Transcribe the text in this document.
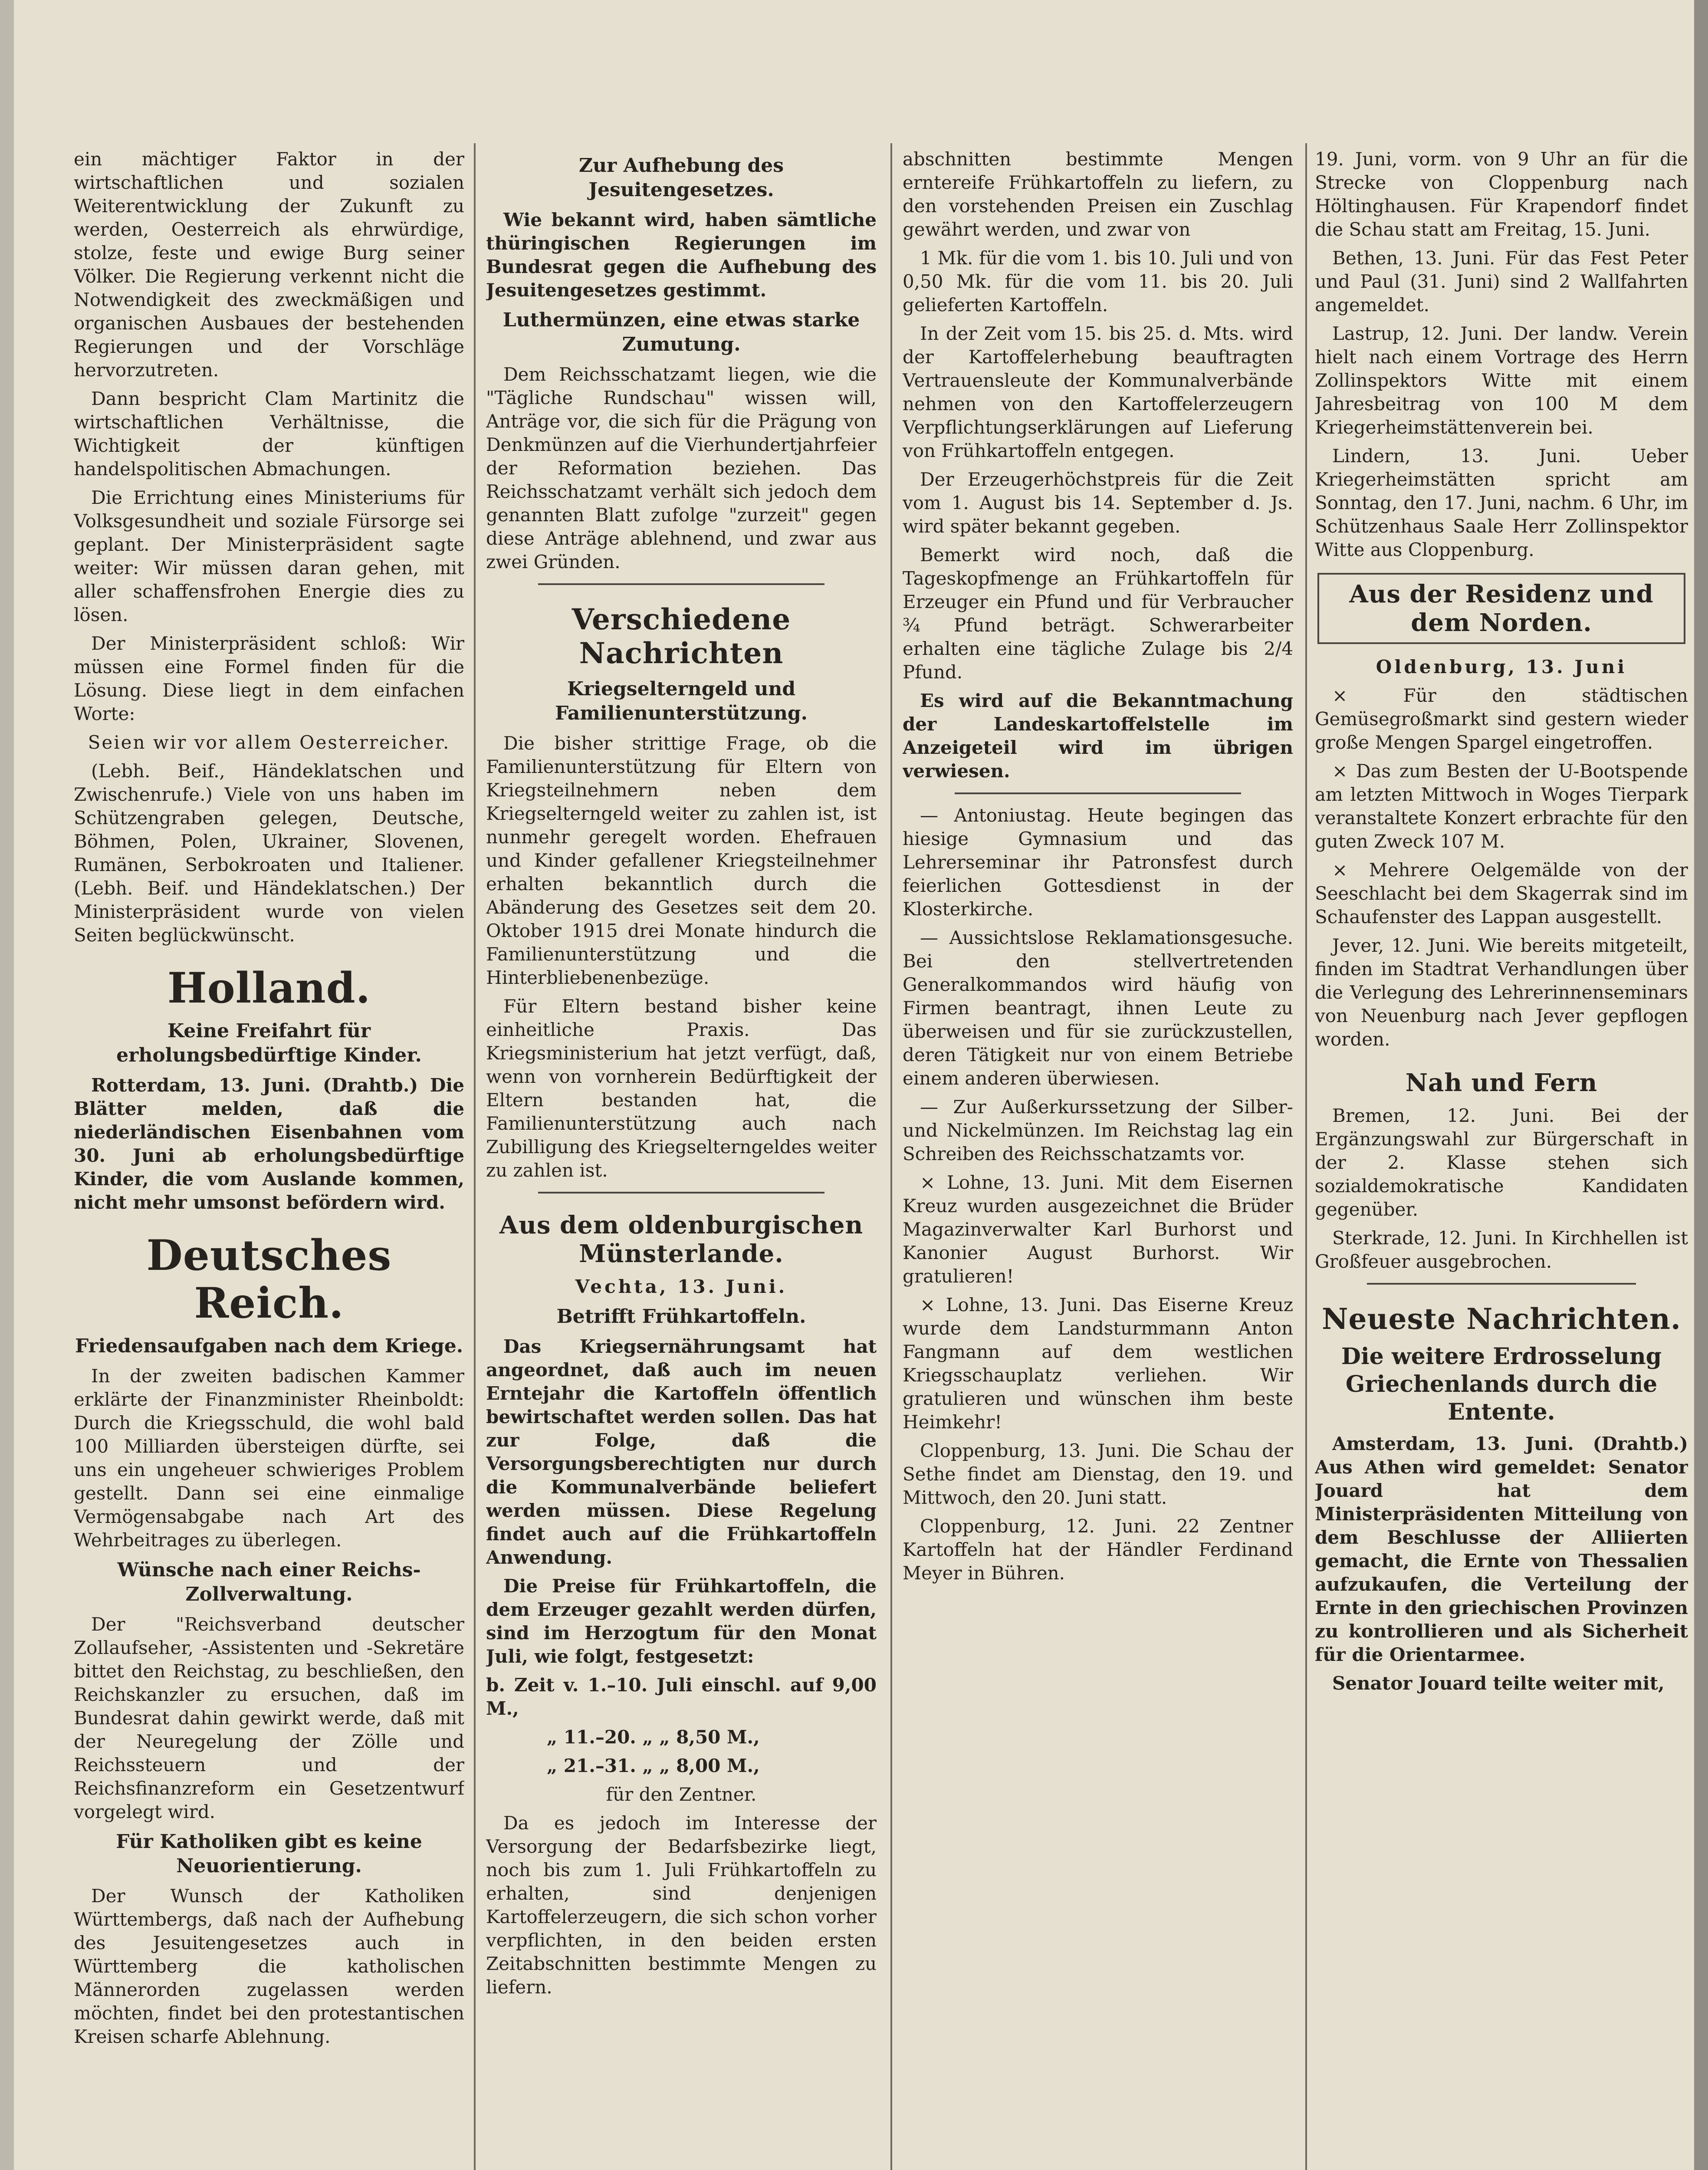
ein mächtiger Faktor in der wirtschaftlichen und sozialen Weiterentwicklung der Zukunft zu werden, Oesterreich als ehrwürdige, stolze, feste und ewige Burg seiner Völker. Die Regierung verkennt nicht die Notwendigkeit des zweckmäßigen und organischen Ausbaues der bestehenden Regierungen und der Vorschläge hervorzutreten.

Dann bespricht Clam Martinitz die wirtschaftlichen Verhältnisse, die Wichtigkeit der künftigen handelspolitischen Abmachungen.

Die Errichtung eines Ministeriums für Volksgesundheit und soziale Fürsorge sei geplant. Der Ministerpräsident sagte weiter: Wir müssen daran gehen, mit aller schaffensfrohen Energie dies zu lösen.

Der Ministerpräsident schloß: Wir müssen eine Formel finden für die Lösung. Diese liegt in dem einfachen Worte:

Seien wir vor allem Oesterreicher.

(Lebh. Beif., Händeklatschen und Zwischenrufe.) Viele von uns haben im Schützengraben gelegen, Deutsche, Böhmen, Polen, Ukrainer, Slovenen, Rumänen, Serbokroaten und Italiener. (Lebh. Beif. und Händeklatschen.) Der Ministerpräsident wurde von vielen Seiten beglückwünscht.

Holland.
Keine Freifahrt für erholungsbedürftige Kinder.

Rotterdam, 13. Juni. (Drahtb.) Die Blätter melden, daß die niederländischen Eisenbahnen vom 30. Juni ab erholungsbedürftige Kinder, die vom Auslande kommen, nicht mehr umsonst befördern wird.

Deutsches Reich.
Friedensaufgaben nach dem Kriege.

In der zweiten badischen Kammer erklärte der Finanzminister Rheinboldt: Durch die Kriegsschuld, die wohl bald 100 Milliarden übersteigen dürfte, sei uns ein ungeheuer schwieriges Problem gestellt. Dann sei eine einmalige Vermögensabgabe nach Art des Wehrbeitrages zu überlegen.

Wünsche nach einer Reichs-Zollverwaltung.

Der "Reichsverband deutscher Zollaufseher, -Assistenten und -Sekretäre bittet den Reichstag, zu beschließen, den Reichskanzler zu ersuchen, daß im Bundesrat dahin gewirkt werde, daß mit der Neuregelung der Zölle und Reichssteuern und der Reichsfinanzreform ein Gesetzentwurf vorgelegt wird.

Für Katholiken gibt es keine Neuorientierung.

Der Wunsch der Katholiken Württembergs, daß nach der Aufhebung des Jesuitengesetzes auch in Württemberg die katholischen Männerorden zugelassen werden möchten, findet bei den protestantischen Kreisen scharfe Ablehnung.

Zur Aufhebung des Jesuitengesetzes.

Wie bekannt wird, haben sämtliche thüringischen Regierungen im Bundesrat gegen die Aufhebung des Jesuitengesetzes gestimmt.

Luthermünzen, eine etwas starke Zumutung.

Dem Reichsschatzamt liegen, wie die "Tägliche Rundschau" wissen will, Anträge vor, die sich für die Prägung von Denkmünzen auf die Vierhundertjahrfeier der Reformation beziehen. Das Reichsschatzamt verhält sich jedoch dem genannten Blatt zufolge "zurzeit" gegen diese Anträge ablehnend, und zwar aus zwei Gründen.

Verschiedene Nachrichten
Kriegselterngeld und Familienunterstützung.

Die bisher strittige Frage, ob die Familienunterstützung für Eltern von Kriegsteilnehmern neben dem Kriegselterngeld weiter zu zahlen ist, ist nunmehr geregelt worden. Ehefrauen und Kinder gefallener Kriegsteilnehmer erhalten bekanntlich durch die Abänderung des Gesetzes seit dem 20. Oktober 1915 drei Monate hindurch die Familienunterstützung und die Hinterbliebenenbezüge.

Für Eltern bestand bisher keine einheitliche Praxis. Das Kriegsministerium hat jetzt verfügt, daß, wenn von vornherein Bedürftigkeit der Eltern bestanden hat, die Familienunterstützung auch nach Zubilligung des Kriegselterngeldes weiter zu zahlen ist.

Aus dem oldenburgischen Münsterlande.

Vechta, 13. Juni.

Betrifft Frühkartoffeln.

Das Kriegsernährungsamt hat angeordnet, daß auch im neuen Erntejahr die Kartoffeln öffentlich bewirtschaftet werden sollen. Das hat zur Folge, daß die Versorgungsberechtigten nur durch die Kommunalverbände beliefert werden müssen. Diese Regelung findet auch auf die Frühkartoffeln Anwendung.

Die Preise für Frühkartoffeln, die dem Erzeuger gezahlt werden dürfen, sind im Herzogtum für den Monat Juli, wie folgt, festgesetzt:

b. Zeit v. 1.–10. Juli einschl. auf 9,00 M.,

„ 11.–20. „ „ 8,50 M.,

„ 21.–31. „ „ 8,00 M.,

für den Zentner.

Da es jedoch im Interesse der Versorgung der Bedarfsbezirke liegt, noch bis zum 1. Juli Frühkartoffeln zu erhalten, sind denjenigen Kartoffelerzeugern, die sich schon vorher verpflichten, in den beiden ersten Zeitabschnitten bestimmte Mengen zu liefern.

abschnitten bestimmte Mengen erntereife Frühkartoffeln zu liefern, zu den vorstehenden Preisen ein Zuschlag gewährt werden, und zwar von

1 Mk. für die vom 1. bis 10. Juli und von 0,50 Mk. für die vom 11. bis 20. Juli gelieferten Kartoffeln.

In der Zeit vom 15. bis 25. d. Mts. wird der Kartoffelerhebung beauftragten Vertrauensleute der Kommunalverbände nehmen von den Kartoffelerzeugern Verpflichtungserklärungen auf Lieferung von Frühkartoffeln entgegen.

Der Erzeugerhöchstpreis für die Zeit vom 1. August bis 14. September d. Js. wird später bekannt gegeben.

Bemerkt wird noch, daß die Tageskopfmenge an Frühkartoffeln für Erzeuger ein Pfund und für Verbraucher ¾ Pfund beträgt. Schwerarbeiter erhalten eine tägliche Zulage bis 2/4 Pfund.

Es wird auf die Bekanntmachung der Landeskartoffelstelle im Anzeigeteil wird im übrigen verwiesen.

— Antoniustag. Heute begingen das hiesige Gymnasium und das Lehrerseminar ihr Patronsfest durch feierlichen Gottesdienst in der Klosterkirche.

— Aussichtslose Reklamationsgesuche. Bei den stellvertretenden Generalkommandos wird häufig von Firmen beantragt, ihnen Leute zu überweisen und für sie zurückzustellen, deren Tätigkeit nur von einem Betriebe einem anderen überwiesen.

— Zur Außerkurssetzung der Silber- und Nickelmünzen. Im Reichstag lag ein Schreiben des Reichsschatzamts vor.

× Lohne, 13. Juni. Mit dem Eisernen Kreuz wurden ausgezeichnet die Brüder Magazinverwalter Karl Burhorst und Kanonier August Burhorst. Wir gratulieren!

× Lohne, 13. Juni. Das Eiserne Kreuz wurde dem Landsturmmann Anton Fangmann auf dem westlichen Kriegsschauplatz verliehen. Wir gratulieren und wünschen ihm beste Heimkehr!

Cloppenburg, 13. Juni. Die Schau der Sethe findet am Dienstag, den 19. und Mittwoch, den 20. Juni statt.

Cloppenburg, 12. Juni. 22 Zentner Kartoffeln hat der Händler Ferdinand Meyer in Bühren.

19. Juni, vorm. von 9 Uhr an für die Strecke von Cloppenburg nach Höltinghausen. Für Krapendorf findet die Schau statt am Freitag, 15. Juni.

Bethen, 13. Juni. Für das Fest Peter und Paul (31. Juni) sind 2 Wallfahrten angemeldet.

Lastrup, 12. Juni. Der landw. Verein hielt nach einem Vortrage des Herrn Zollinspektors Witte mit einem Jahresbeitrag von 100 M dem Kriegerheimstättenverein bei.

Lindern, 13. Juni. Ueber Kriegerheimstätten spricht am Sonntag, den 17. Juni, nachm. 6 Uhr, im Schützenhaus Saale Herr Zollinspektor Witte aus Cloppenburg.

Aus der Residenz und dem Norden.

Oldenburg, 13. Juni

× Für den städtischen Gemüsegroßmarkt sind gestern wieder große Mengen Spargel eingetroffen.

× Das zum Besten der U-Bootspende am letzten Mittwoch in Woges Tierpark veranstaltete Konzert erbrachte für den guten Zweck 107 M.

× Mehrere Oelgemälde von der Seeschlacht bei dem Skagerrak sind im Schaufenster des Lappan ausgestellt.

Jever, 12. Juni. Wie bereits mitgeteilt, finden im Stadtrat Verhandlungen über die Verlegung des Lehrerinnenseminars von Neuenburg nach Jever gepflogen worden.

Nah und Fern

Bremen, 12. Juni. Bei der Ergänzungswahl zur Bürgerschaft in der 2. Klasse stehen sich sozialdemokratische Kandidaten gegenüber.

Sterkrade, 12. Juni. In Kirchhellen ist Großfeuer ausgebrochen.

Neueste Nachrichten.
Die weitere Erdrosselung Griechenlands durch die Entente.

Amsterdam, 13. Juni. (Drahtb.) Aus Athen wird gemeldet: Senator Jouard hat dem Ministerpräsidenten Mitteilung von dem Beschlusse der Alliierten gemacht, die Ernte von Thessalien aufzukaufen, die Verteilung der Ernte in den griechischen Provinzen zu kontrollieren und als Sicherheit für die Orientarmee.

Senator Jouard teilte weiter mit,
